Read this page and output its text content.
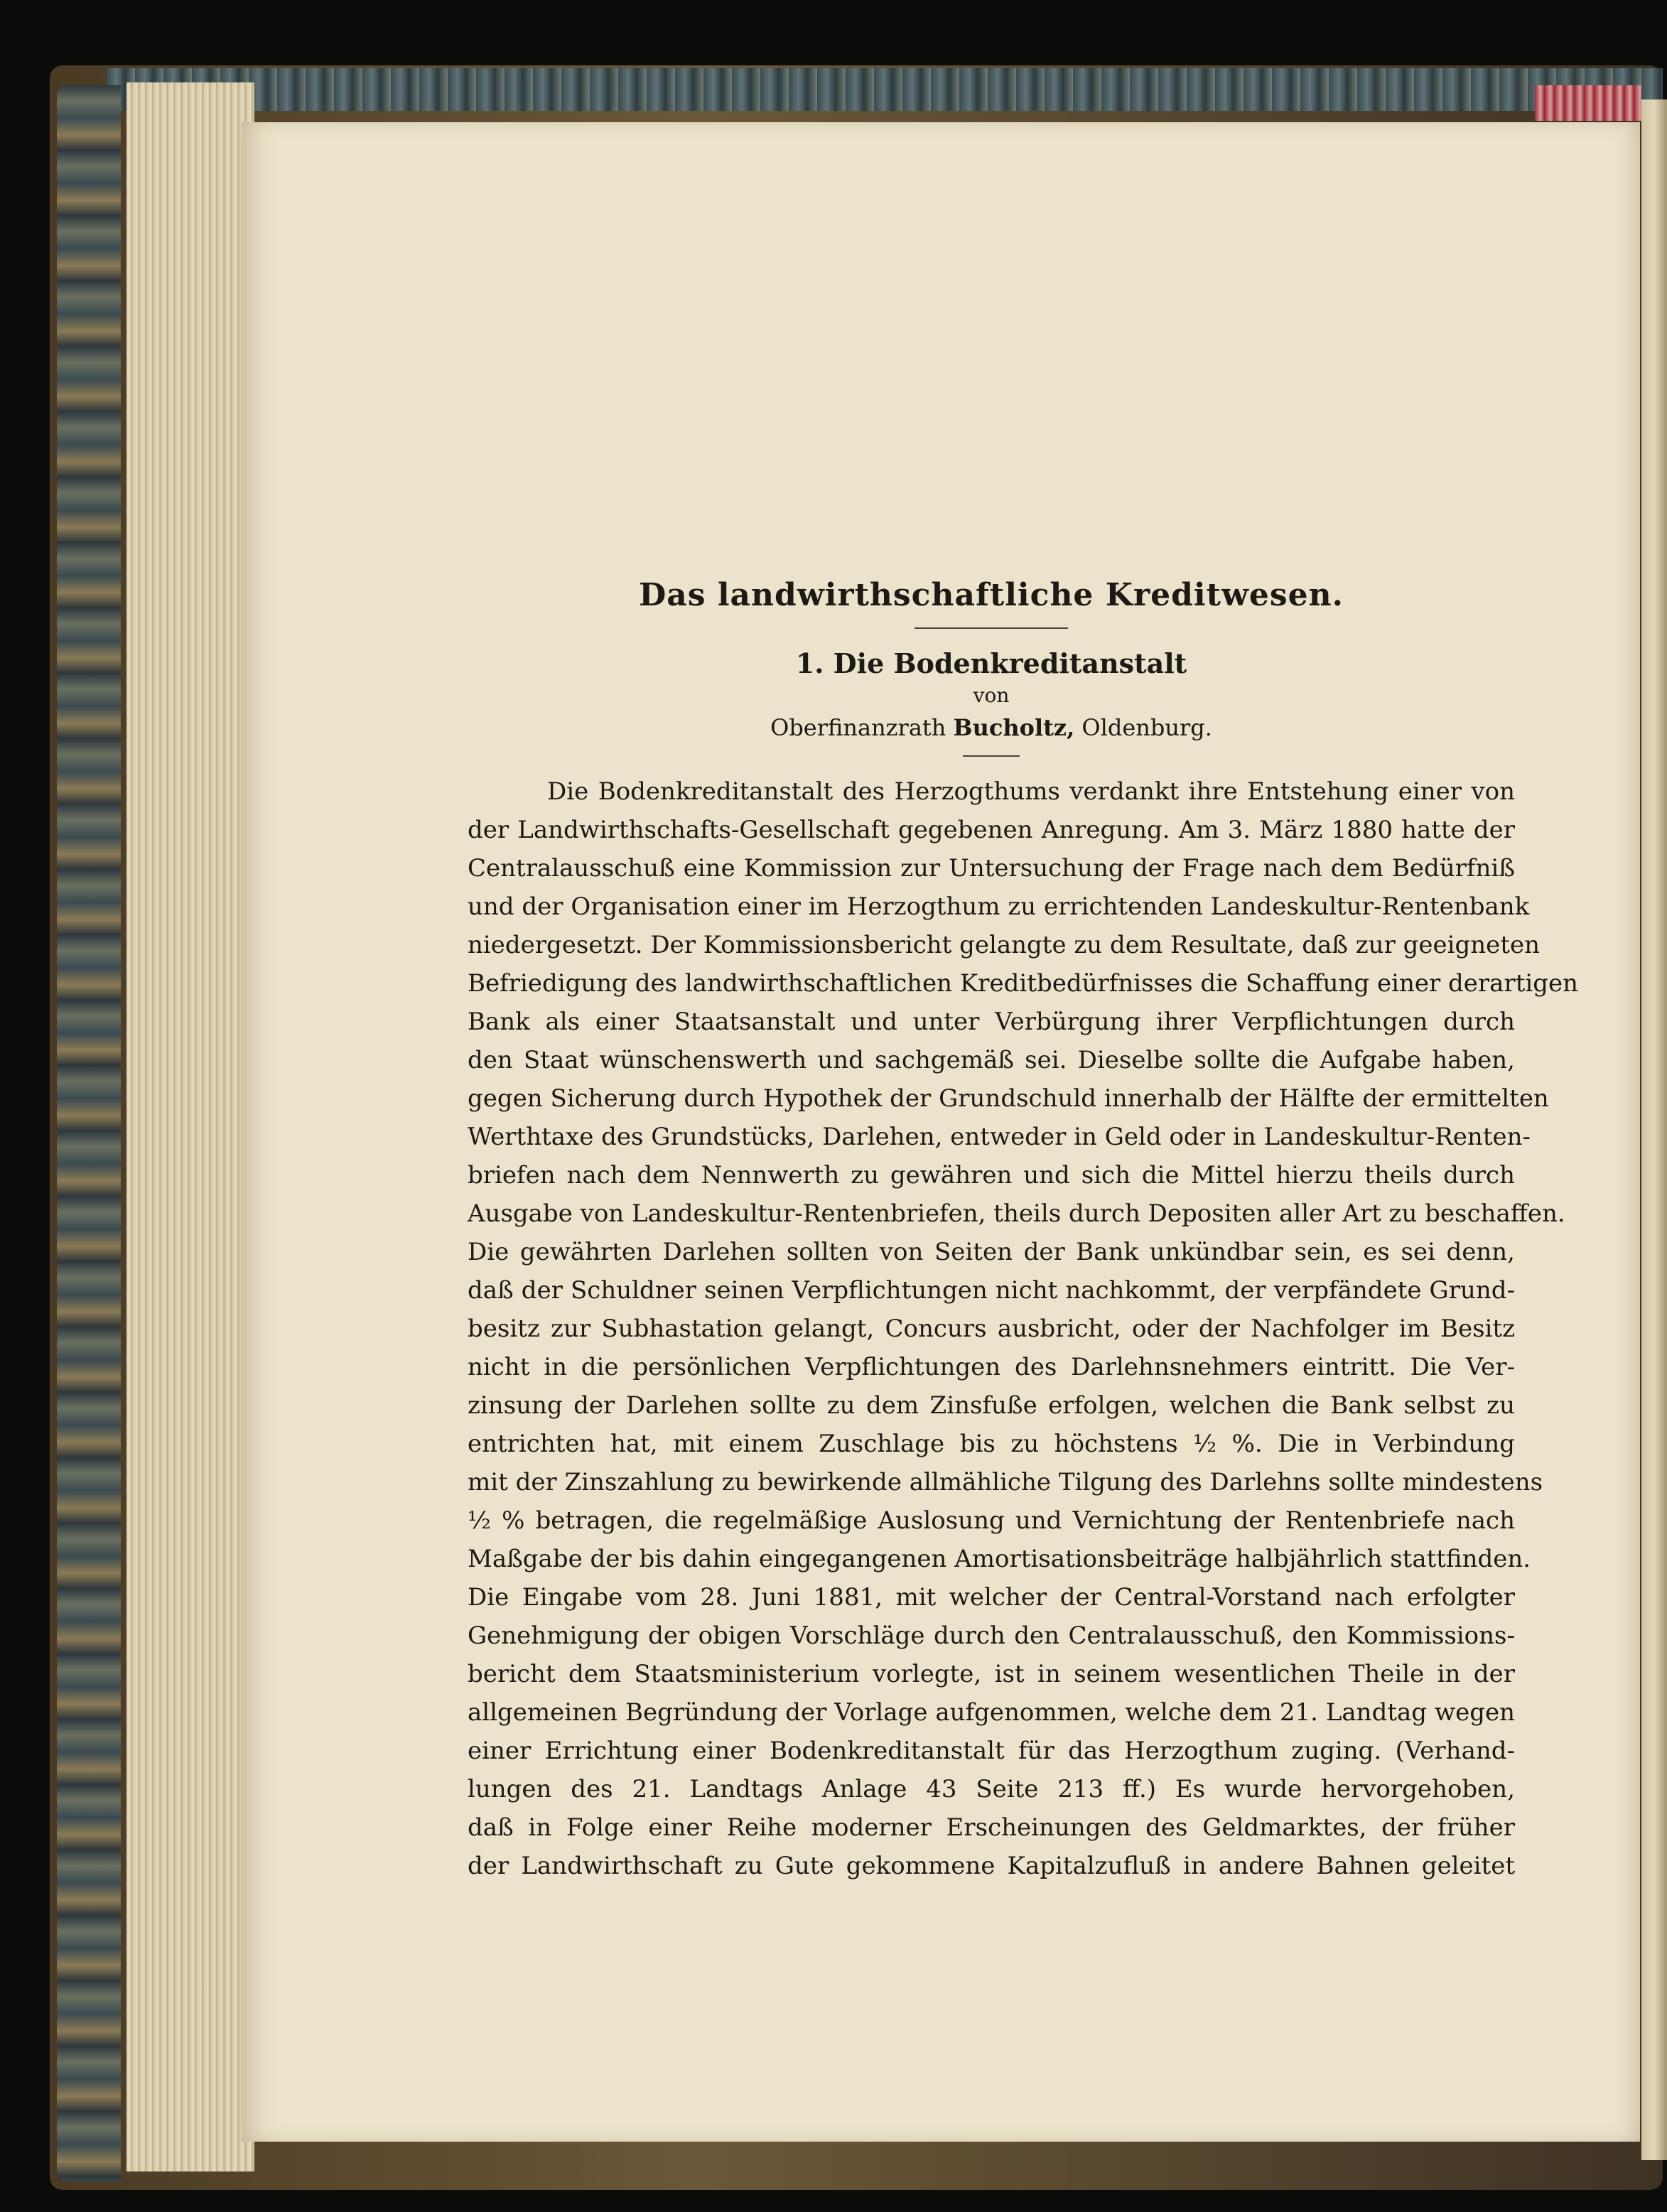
Das landwirthschaftliche Kreditwesen.
1. Die Bodenkreditanstalt
von
Oberfinanzrath Bucholtz, Oldenburg.
Die Bodenkreditanstalt des Herzogthums verdankt ihre Entstehung einer von
der Landwirthschafts-Gesellschaft gegebenen Anregung. Am 3. März 1880 hatte der
Centralausschuß eine Kommission zur Untersuchung der Frage nach dem Bedürfniß
und der Organisation einer im Herzogthum zu errichtenden Landeskultur-Rentenbank
niedergesetzt. Der Kommissionsbericht gelangte zu dem Resultate, daß zur geeigneten
Befriedigung des landwirthschaftlichen Kreditbedürfnisses die Schaffung einer derartigen
Bank als einer Staatsanstalt und unter Verbürgung ihrer Verpflichtungen durch
den Staat wünschenswerth und sachgemäß sei. Dieselbe sollte die Aufgabe haben,
gegen Sicherung durch Hypothek der Grundschuld innerhalb der Hälfte der ermittelten
Werthtaxe des Grundstücks, Darlehen, entweder in Geld oder in Landeskultur-Renten-
briefen nach dem Nennwerth zu gewähren und sich die Mittel hierzu theils durch
Ausgabe von Landeskultur-Rentenbriefen, theils durch Depositen aller Art zu beschaffen.
Die gewährten Darlehen sollten von Seiten der Bank unkündbar sein, es sei denn,
daß der Schuldner seinen Verpflichtungen nicht nachkommt, der verpfändete Grund-
besitz zur Subhastation gelangt, Concurs ausbricht, oder der Nachfolger im Besitz
nicht in die persönlichen Verpflichtungen des Darlehnsnehmers eintritt. Die Ver-
zinsung der Darlehen sollte zu dem Zinsfuße erfolgen, welchen die Bank selbst zu
entrichten hat, mit einem Zuschlage bis zu höchstens ½ %. Die in Verbindung
mit der Zinszahlung zu bewirkende allmähliche Tilgung des Darlehns sollte mindestens
½ % betragen, die regelmäßige Auslosung und Vernichtung der Rentenbriefe nach
Maßgabe der bis dahin eingegangenen Amortisationsbeiträge halbjährlich stattfinden.
Die Eingabe vom 28. Juni 1881, mit welcher der Central-Vorstand nach erfolgter
Genehmigung der obigen Vorschläge durch den Centralausschuß, den Kommissions-
bericht dem Staatsministerium vorlegte, ist in seinem wesentlichen Theile in der
allgemeinen Begründung der Vorlage aufgenommen, welche dem 21. Landtag wegen
einer Errichtung einer Bodenkreditanstalt für das Herzogthum zuging. (Verhand-
lungen des 21. Landtags Anlage 43 Seite 213 ff.) Es wurde hervorgehoben,
daß in Folge einer Reihe moderner Erscheinungen des Geldmarktes, der früher
der Landwirthschaft zu Gute gekommene Kapitalzufluß in andere Bahnen geleitet
